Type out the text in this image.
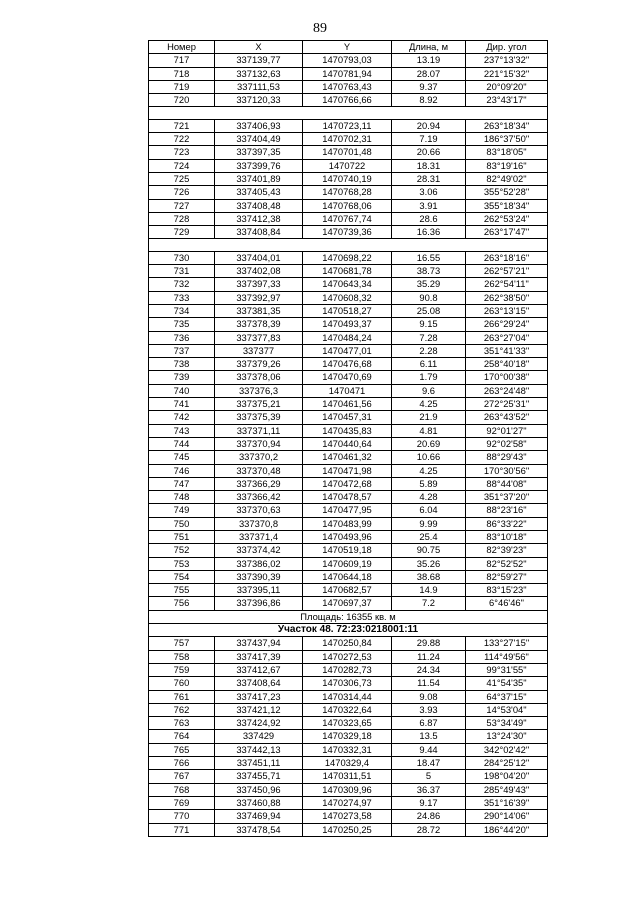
89
Номер	X	Y	Длина, м	Дир. угол
717	337139,77	1470793,03	13.19	237°13'32"
718	337132,63	1470781,94	28.07	221°15'32"
719	337111,53	1470763,43	9.37	20°09'20"
720	337120,33	1470766,66	8.92	23°43'17"

721	337406,93	1470723,11	20.94	263°18'34"
722	337404,49	1470702,31	7.19	186°37'50"
723	337397,35	1470701,48	20.66	83°18'05"
724	337399,76	1470722	18.31	83°19'16"
725	337401,89	1470740,19	28.31	82°49'02"
726	337405,43	1470768,28	3.06	355°52'28"
727	337408,48	1470768,06	3.91	355°18'34"
728	337412,38	1470767,74	28.6	262°53'24"
729	337408,84	1470739,36	16.36	263°17'47"

730	337404,01	1470698,22	16.55	263°18'16"
731	337402,08	1470681,78	38.73	262°57'21"
732	337397,33	1470643,34	35.29	262°54'11"
733	337392,97	1470608,32	90.8	262°38'50"
734	337381,35	1470518,27	25.08	263°13'15"
735	337378,39	1470493,37	9.15	266°29'24"
736	337377,83	1470484,24	7.28	263°27'04"
737	337377	1470477,01	2.28	351°41'33"
738	337379,26	1470476,68	6.11	258°40'18"
739	337378,06	1470470,69	1.79	170°00'38"
740	337376,3	1470471	9.6	263°24'48"
741	337375,21	1470461,56	4.25	272°25'31"
742	337375,39	1470457,31	21.9	263°43'52"
743	337371,11	1470435,83	4.81	92°01'27"
744	337370,94	1470440,64	20.69	92°02'58"
745	337370,2	1470461,32	10.66	88°29'43"
746	337370,48	1470471,98	4.25	170°30'56"
747	337366,29	1470472,68	5.89	88°44'08"
748	337366,42	1470478,57	4.28	351°37'20"
749	337370,63	1470477,95	6.04	88°23'16"
750	337370,8	1470483,99	9.99	86°33'22"
751	337371,4	1470493,96	25.4	83°10'18"
752	337374,42	1470519,18	90.75	82°39'23"
753	337386,02	1470609,19	35.26	82°52'52"
754	337390,39	1470644,18	38.68	82°59'27"
755	337395,11	1470682,57	14.9	83°15'23"
756	337396,86	1470697,37	7.2	6°46'46"
Площадь: 16355 кв. м				
Участок 48. 72:23:0218001:11				
757	337437,94	1470250,84	29.88	133°27'15"
758	337417,39	1470272,53	11.24	114°49'56"
759	337412,67	1470282,73	24.34	99°31'55"
760	337408,64	1470306,73	11.54	41°54'35"
761	337417,23	1470314,44	9.08	64°37'15"
762	337421,12	1470322,64	3.93	14°53'04"
763	337424,92	1470323,65	6.87	53°34'49"
764	337429	1470329,18	13.5	13°24'30"
765	337442,13	1470332,31	9.44	342°02'42"
766	337451,11	1470329,4	18.47	284°25'12"
767	337455,71	1470311,51	5	198°04'20"
768	337450,96	1470309,96	36.37	285°49'43"
769	337460,88	1470274,97	9.17	351°16'39"
770	337469,94	1470273,58	24.86	290°14'06"
771	337478,54	1470250,25	28.72	186°44'20"
